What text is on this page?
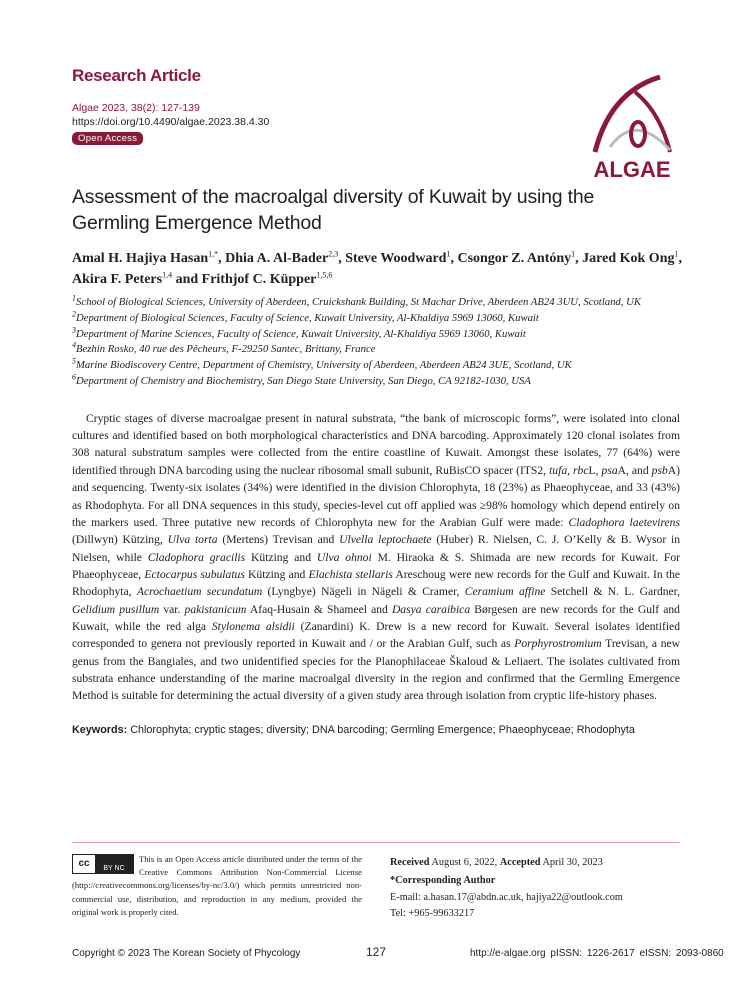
Research Article
Algae 2023, 38(2): 127-139
https://doi.org/10.4490/algae.2023.38.4.30
Open Access
ALGAE
Assessment of the macroalgal diversity of Kuwait by using the Germling Emergence Method
Amal H. Hajiya Hasan$^{1,*}$, Dhia A. Al-Bader$^{2,3}$, Steve Woodward$^1$, Csongor Z. Antóny$^1$, Jared Kok Ong$^1$, Akira F. Peters$^{1,4}$ and Frithjof C. Küpper$^{1,5,6}$
$^1$School of Biological Sciences, University of Aberdeen, Cruickshank Building, St Machar Drive, Aberdeen AB24 3UU, Scotland, UK
$^2$Department of Biological Sciences, Faculty of Science, Kuwait University, Al-Khaldiya 5969 13060, Kuwait
$^3$Department of Marine Sciences, Faculty of Science, Kuwait University, Al-Khaldiya 5969 13060, Kuwait
$^4$Bezhin Rosko, 40 rue des Pêcheurs, F-29250 Santec, Brittany, France
$^5$Marine Biodiscovery Centre, Department of Chemistry, University of Aberdeen, Aberdeen AB24 3UE, Scotland, UK
$^6$Department of Chemistry and Biochemistry, San Diego State University, San Diego, CA 92182-1030, USA

Cryptic stages of diverse macroalgae present in natural substrata, “the bank of microscopic forms”, were isolated into clonal cultures and identified based on both morphological characteristics and DNA barcoding. Approximately 120 clonal isolates from 308 natural substratum samples were collected from the entire coastline of Kuwait. Amongst these isolates, 77 (64%) were identified through DNA barcoding using the nuclear ribosomal small subunit, RuBisCO spacer (ITS2, tufa, rbcL, psaA, and psbA) and sequencing. Twenty-six isolates (34%) were identified in the division Chlorophyta, 18 (23%) as Phaeophyceae, and 33 (43%) as Rhodophyta. For all DNA sequences in this study, species-level cut off applied was ≥98% homology which depend entirely on the markers used. Three putative new records of Chlorophyta new for the Arabian Gulf were made: Cladophora laetevirens (Dillwyn) Kützing, Ulva torta (Mertens) Trevisan and Ulvella leptochaete (Huber) R. Nielsen, C. J. O’Kelly & B. Wysor in Nielsen, while Cladophora gracilis Kützing and Ulva ohnoi M. Hiraoka & S. Shimada are new records for Kuwait. For Phaeophyceae, Ectocarpus subulatus Kützing and Elachista stellaris Areschoug were new records for the Gulf and Kuwait. In the Rhodophyta, Acrochaetium secundatum (Lyngbye) Nägeli in Nägeli & Cramer, Ceramium affine Setchell & N. L. Gardner, Gelidium pusillum var. pakistanicum Afaq-Husain & Shameel and Dasya caraibica Børgesen are new records for the Gulf and Kuwait, while the red alga Stylonema alsidii (Zanardini) K. Drew is a new record for Kuwait. Several isolates identified corresponded to genera not previously reported in Kuwait and / or the Arabian Gulf, such as Porphyrostromium Trevisan, a new genus from the Bangiales, and two unidentified species for the Planophilaceae Škaloud & Leliaert. The isolates cultivated from substrata enhance understanding of the marine macroalgal diversity in the region and confirmed that the Germling Emergence Method is suitable for determining the actual diversity of a given study area through isolation from cryptic life-history phases.

Keywords: Chlorophyta; cryptic stages; diversity; DNA barcoding; Germling Emergence; Phaeophyceae; Rhodophyta
cc	BY NC
This is an Open Access article distributed under the terms of the Creative Commons Attribution Non-Commercial License (http://creativecommons.org/licenses/by-nc/3.0/) which permits unrestricted non-commercial use, distribution, and reproduction in any medium, provided the original work is properly cited.
Received August 6, 2022, Accepted April 30, 2023
*Corresponding Author
E-mail: a.hasan.17@abdn.ac.uk, hajiya22@outlook.com
Tel: +965-99633217
Copyright © 2023 The Korean Society of Phycology	127	http://e-algae.org pISSN: 1226-2617 eISSN: 2093-0860
